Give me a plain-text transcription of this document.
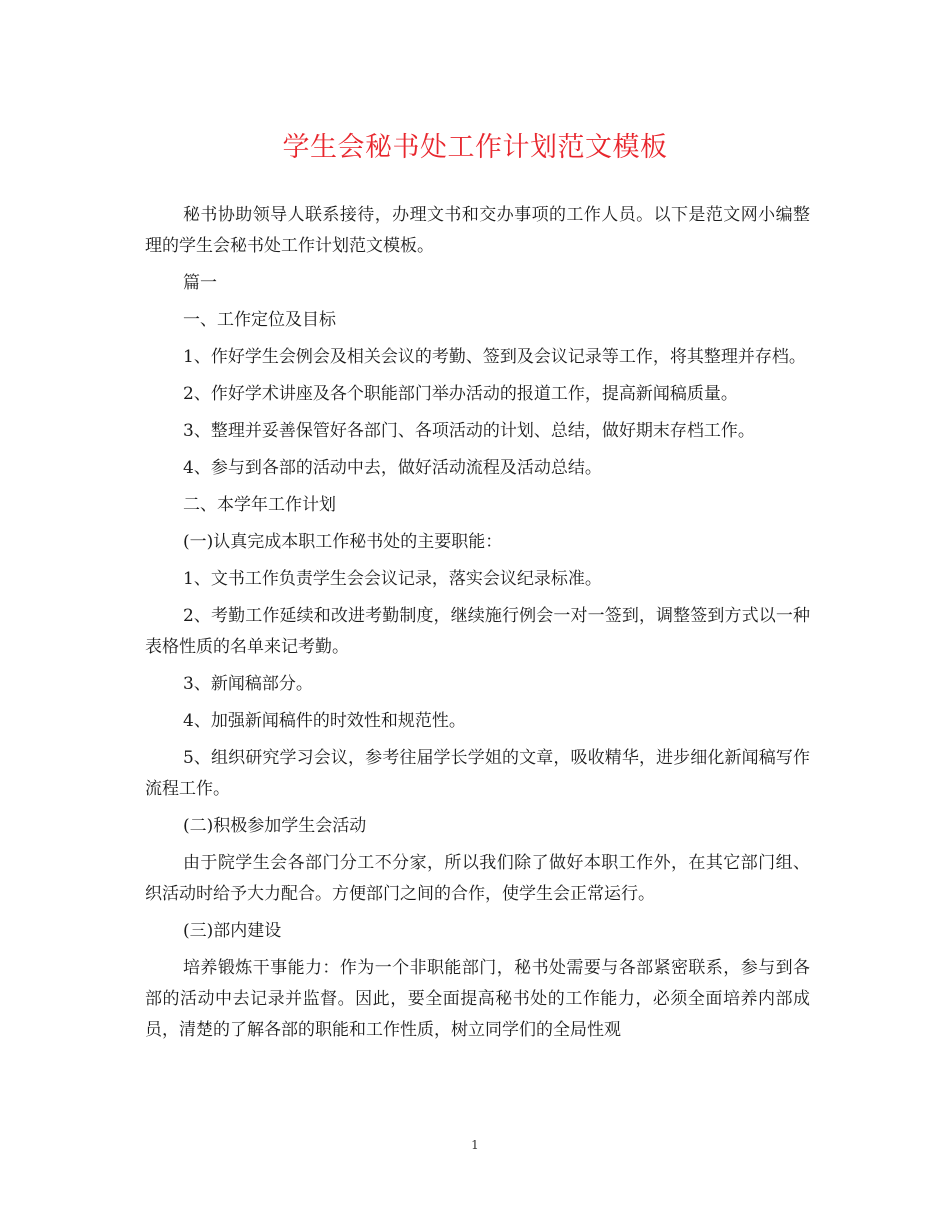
学生会秘书处工作计划范文模板

秘书协助领导人联系接待，办理文书和交办事项的工作人员。以下是范文网小编整理的学生会秘书处工作计划范文模板。

篇一

一、工作定位及目标

1、作好学生会例会及相关会议的考勤、签到及会议记录等工作，将其整理并存档。

2、作好学术讲座及各个职能部门举办活动的报道工作，提高新闻稿质量。

3、整理并妥善保管好各部门、各项活动的计划、总结，做好期末存档工作。

4、参与到各部的活动中去，做好活动流程及活动总结。

二、本学年工作计划

(一)认真完成本职工作秘书处的主要职能：

1、文书工作负责学生会会议记录，落实会议纪录标准。

2、考勤工作延续和改进考勤制度，继续施行例会一对一签到，调整签到方式以一种表格性质的名单来记考勤。

3、新闻稿部分。

4、加强新闻稿件的时效性和规范性。

5、组织研究学习会议，参考往届学长学姐的文章，吸收精华，进步细化新闻稿写作流程工作。

(二)积极参加学生会活动

由于院学生会各部门分工不分家，所以我们除了做好本职工作外，在其它部门组、织活动时给予大力配合。方便部门之间的合作，使学生会正常运行。

(三)部内建设

培养锻炼干事能力：作为一个非职能部门，秘书处需要与各部紧密联系，参与到各部的活动中去记录并监督。因此，要全面提高秘书处的工作能力，必须全面培养内部成员，清楚的了解各部的职能和工作性质，树立同学们的全局性观

1
